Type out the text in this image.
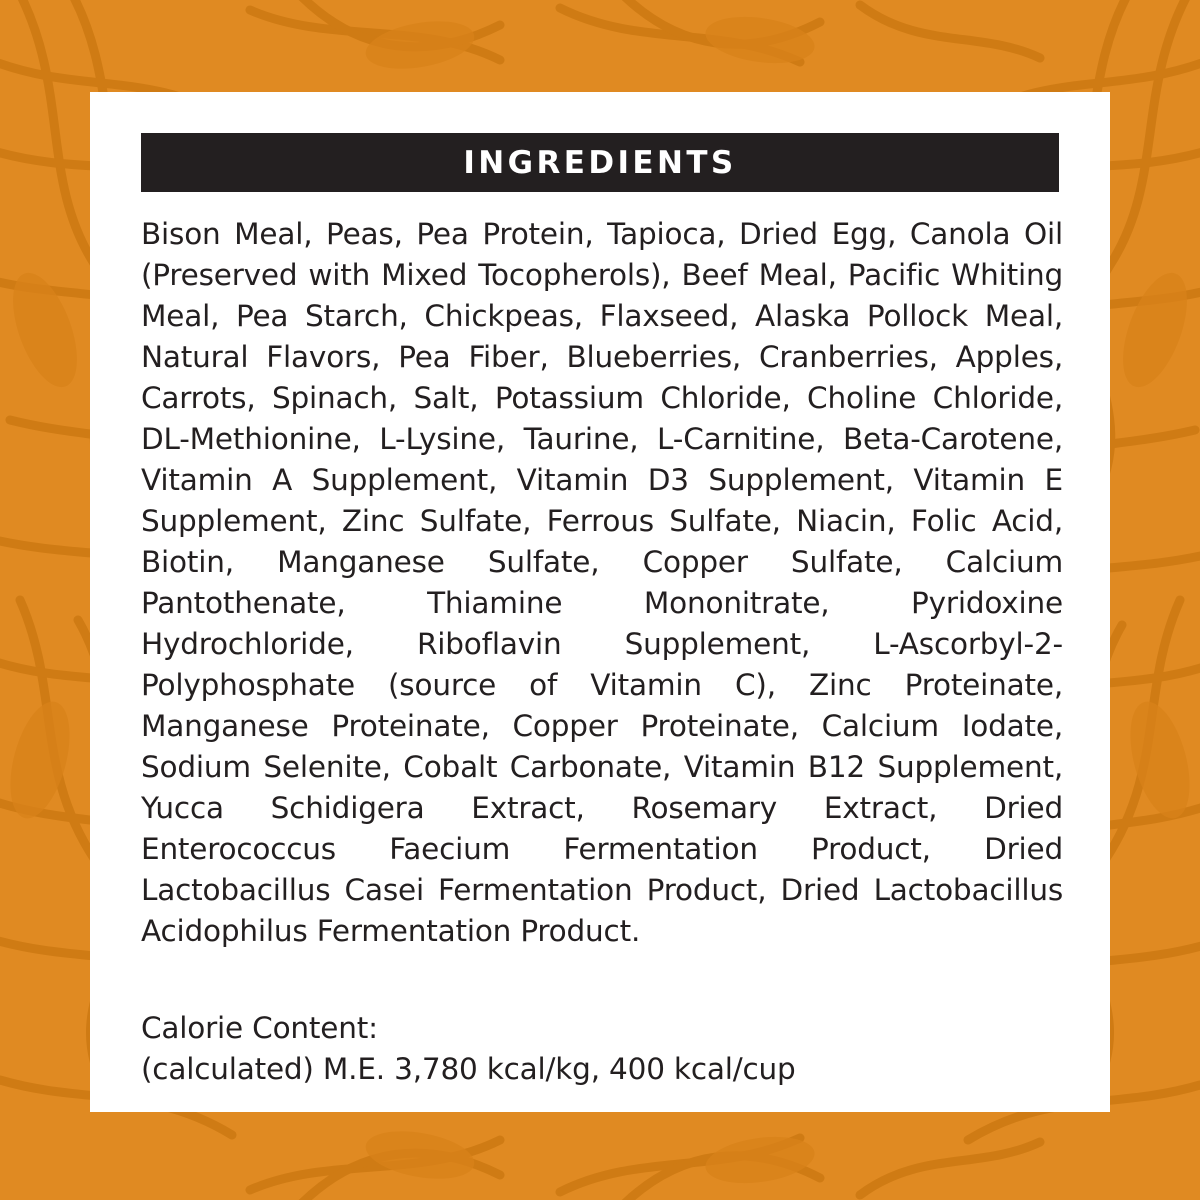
INGREDIENTS

Bison Meal, Peas, Pea Protein, Tapioca, Dried Egg, Canola Oil (Preserved with Mixed Tocopherols), Beef Meal, Pacific Whiting Meal, Pea Starch, Chickpeas, Flaxseed, Alaska Pollock Meal, Natural Flavors, Pea Fiber, Blueberries, Cranberries, Apples, Carrots, Spinach, Salt, Potassium Chloride, Choline Chloride, DL-Methionine, L-Lysine, Taurine, L-Carnitine, Beta-Carotene, Vitamin A Supplement, Vitamin D3 Supplement, Vitamin E Supplement, Zinc Sulfate, Ferrous Sulfate, Niacin, Folic Acid, Biotin, Manganese Sulfate, Copper Sulfate, Calcium Pantothenate, Thiamine Mononitrate, Pyridoxine Hydrochloride, Riboflavin Supplement, L-Ascorbyl-2-Polyphosphate (source of Vitamin C), Zinc Proteinate, Manganese Proteinate, Copper Proteinate, Calcium Iodate, Sodium Selenite, Cobalt Carbonate, Vitamin B12 Supplement, Yucca Schidigera Extract, Rosemary Extract, Dried Enterococcus Faecium Fermentation Product, Dried Lactobacillus Casei Fermentation Product, Dried Lactobacillus Acidophilus Fermentation Product.

Calorie Content:
(calculated) M.E. 3,780 kcal/kg, 400 kcal/cup
